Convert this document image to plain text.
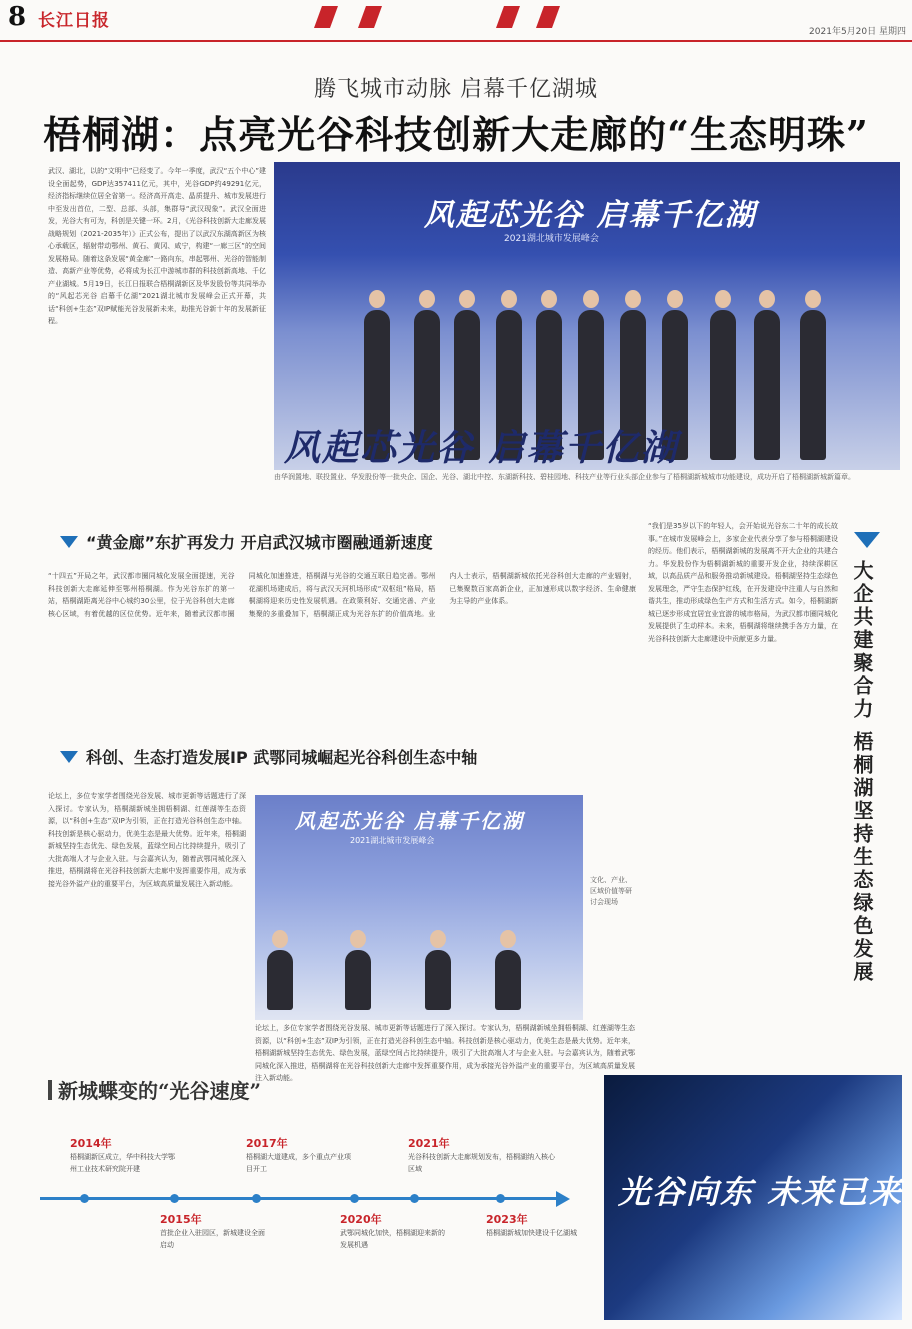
8 长江日报
2021年5月20日 星期四
腾飞城市动脉 启幕千亿湖城
梧桐湖：点亮光谷科技创新大走廊的“生态明珠”
武汉、湖北，以的“文明中”已经变了。今年一季度，武汉“五个中心”建设全面起势，GDP达357411亿元，其中，光谷GDP约49291亿元，经济指标继续位居全省第一。经济高开高走、晶质提升、城市发展进行中至发出首位，二型、总部、头部，集群导“武汉现象”。武汉全面进发，光谷大有可为，科创是关键一环。2月，《光谷科技创新大走廊发展战略规划（2021-2035年）》正式公布，提出了以武汉东湖高新区为核心承载区，辐射带动鄂州、黄石、黄冈、咸宁，构建“一廊三区”的空间发展格局。随着这条发展“黄金廊”一路向东，串起鄂州、光谷的智能制造、高新产业等优势，必将成为长江中游城市群的科技创新高地、千亿产业湖城。5月19日，长江日报联合梧桐湖新区及华发股份等共同举办的“风起芯光谷 启幕千亿湖”2021湖北城市发展峰会正式开幕，共话“科创+生态”双IP赋能光谷发展新未来，助推光谷新十年的发展新征程。
风起芯光谷 启幕千亿湖
2021湖北城市发展峰会
风起芯光谷 启幕千亿湖
由华润置地、联投置业、华发股份等一批央企、国企、光谷、湖北中控、东湖新科技、碧桂园地、科技产业等行业头部企业参与了梧桐湖新城城市功能建设，成功开启了梧桐湖新城新篇章。
“黄金廊”东扩再发力 开启武汉城市圈融通新速度
“十四五”开局之年，武汉都市圈同城化发展全面提速，光谷科技创新大走廊延伸至鄂州梧桐湖。作为光谷东扩的第一站，梧桐湖距离光谷中心城约30公里，位于光谷科创大走廊核心区域，有着优越的区位优势。近年来，随着武汉都市圈同城化加速推进，梧桐湖与光谷的交通互联日趋完善。鄂州花湖机场建成后，将与武汉天河机场形成“双枢纽”格局，梧桐湖将迎来历史性发展机遇。在政策利好、交通完善、产业集聚的多重叠加下，梧桐湖正成为光谷东扩的价值高地。业内人士表示，梧桐湖新城依托光谷科创大走廊的产业辐射，已集聚数百家高新企业，正加速形成以数字经济、生命健康为主导的产业体系。
科创、生态打造发展IP 武鄂同城崛起光谷科创生态中轴
论坛上，多位专家学者围绕光谷发展、城市更新等话题进行了深入探讨。专家认为，梧桐湖新城坐拥梧桐湖、红莲湖等生态资源，以“科创+生态”双IP为引领，正在打造光谷科创生态中轴。科技创新是核心驱动力，优美生态是最大优势。近年来，梧桐湖新城坚持生态优先、绿色发展，蓝绿空间占比持续提升，吸引了大批高端人才与企业入驻。与会嘉宾认为，随着武鄂同城化深入推进，梧桐湖将在光谷科技创新大走廊中发挥重要作用，成为承接光谷外溢产业的重要平台，为区域高质量发展注入新动能。
风起芯光谷 启幕千亿湖
2021湖北城市发展峰会
文化、产业、区域价值等研讨会现场
论坛上，多位专家学者围绕光谷发展、城市更新等话题进行了深入探讨。专家认为，梧桐湖新城坐拥梧桐湖、红莲湖等生态资源，以“科创+生态”双IP为引领，正在打造光谷科创生态中轴。科技创新是核心驱动力，优美生态是最大优势。近年来，梧桐湖新城坚持生态优先、绿色发展，蓝绿空间占比持续提升，吸引了大批高端人才与企业入驻。与会嘉宾认为，随着武鄂同城化深入推进，梧桐湖将在光谷科技创新大走廊中发挥重要作用，成为承接光谷外溢产业的重要平台，为区域高质量发展注入新动能。
“我们是35岁以下的年轻人，会开始说光谷东二十年的成长故事。”在城市发展峰会上，多家企业代表分享了参与梧桐湖建设的经历。他们表示，梧桐湖新城的发展离不开大企业的共建合力。华发股份作为梧桐湖新城的重要开发企业，持续深耕区域，以高品质产品和服务推动新城建设。梧桐湖坚持生态绿色发展理念，严守生态保护红线，在开发建设中注重人与自然和谐共生，推动形成绿色生产方式和生活方式。如今，梧桐湖新城已逐步形成宜居宜业宜游的城市格局，为武汉都市圈同城化发展提供了生动样本。未来，梧桐湖将继续携手各方力量，在光谷科技创新大走廊建设中贡献更多力量。	大企共建聚合力 梧桐湖坚持生态绿色发展
新城蝶变的“光谷速度”
2014年
梧桐湖新区成立，华中科技大学鄂州工业技术研究院开建
2015年
首批企业入驻园区，新城建设全面启动
2017年
梧桐湖大道建成，多个重点产业项目开工
2020年
武鄂同城化加快，梧桐湖迎来新的发展机遇
2021年
光谷科技创新大走廊规划发布，梧桐湖纳入核心区域
2023年
梧桐湖新城加快建设千亿湖城
光谷向东 未来已来
